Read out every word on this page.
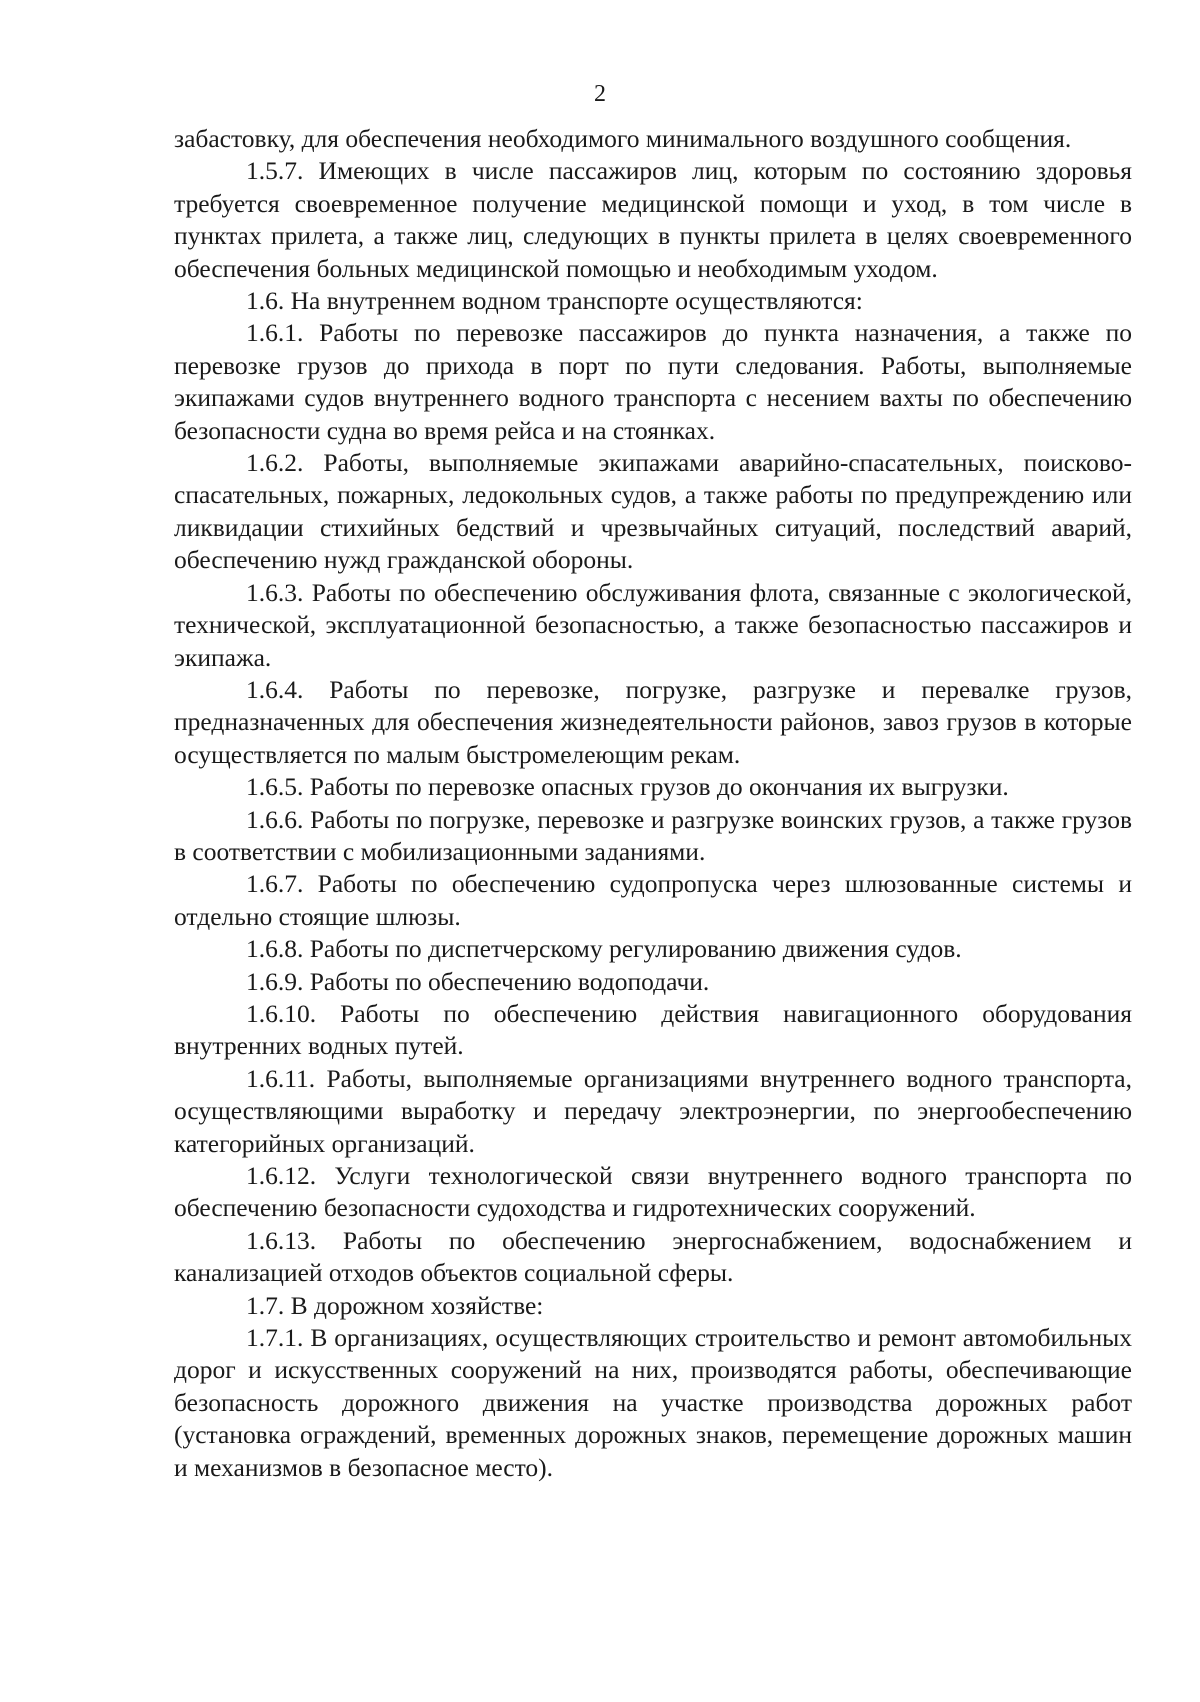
2

забастовку, для обеспечения необходимого минимального воздушного сообщения.

1.5.7. Имеющих в числе пассажиров лиц, которым по состоянию здоровья требуется своевременное получение медицинской помощи и уход, в том числе в пунктах прилета, а также лиц, следующих в пункты прилета в целях своевременного обеспечения больных медицинской помощью и необходимым уходом.

1.6. На внутреннем водном транспорте осуществляются:

1.6.1. Работы по перевозке пассажиров до пункта назначения, а также по перевозке грузов до прихода в порт по пути следования. Работы, выполняемые экипажами судов внутреннего водного транспорта с несением вахты по обеспечению безопасности судна во время рейса и на стоянках.

1.6.2. Работы, выполняемые экипажами аварийно-спасательных, поисково-спасательных, пожарных, ледокольных судов, а также работы по предупреждению или ликвидации стихийных бедствий и чрезвычайных ситуаций, последствий аварий, обеспечению нужд гражданской обороны.

1.6.3. Работы по обеспечению обслуживания флота, связанные с экологической, технической, эксплуатационной безопасностью, а также безопасностью пассажиров и экипажа.

1.6.4. Работы по перевозке, погрузке, разгрузке и перевалке грузов, предназначенных для обеспечения жизнедеятельности районов, завоз грузов в которые осуществляется по малым быстромелеющим рекам.

1.6.5. Работы по перевозке опасных грузов до окончания их выгрузки.

1.6.6. Работы по погрузке, перевозке и разгрузке воинских грузов, а также грузов в соответствии с мобилизационными заданиями.

1.6.7. Работы по обеспечению судопропуска через шлюзованные системы и отдельно стоящие шлюзы.

1.6.8. Работы по диспетчерскому регулированию движения судов.

1.6.9. Работы по обеспечению водоподачи.

1.6.10. Работы по обеспечению действия навигационного оборудования внутренних водных путей.

1.6.11. Работы, выполняемые организациями внутреннего водного транспорта, осуществляющими выработку и передачу электроэнергии, по энергообеспечению категорийных организаций.

1.6.12. Услуги технологической связи внутреннего водного транспорта по обеспечению безопасности судоходства и гидротехнических сооружений.

1.6.13. Работы по обеспечению энергоснабжением, водоснабжением и канализацией отходов объектов социальной сферы.

1.7. В дорожном хозяйстве:

1.7.1. В организациях, осуществляющих строительство и ремонт автомобильных дорог и искусственных сооружений на них, производятся работы, обеспечивающие безопасность дорожного движения на участке производства дорожных работ (установка ограждений, временных дорожных знаков, перемещение дорожных машин и механизмов в безопасное место).
